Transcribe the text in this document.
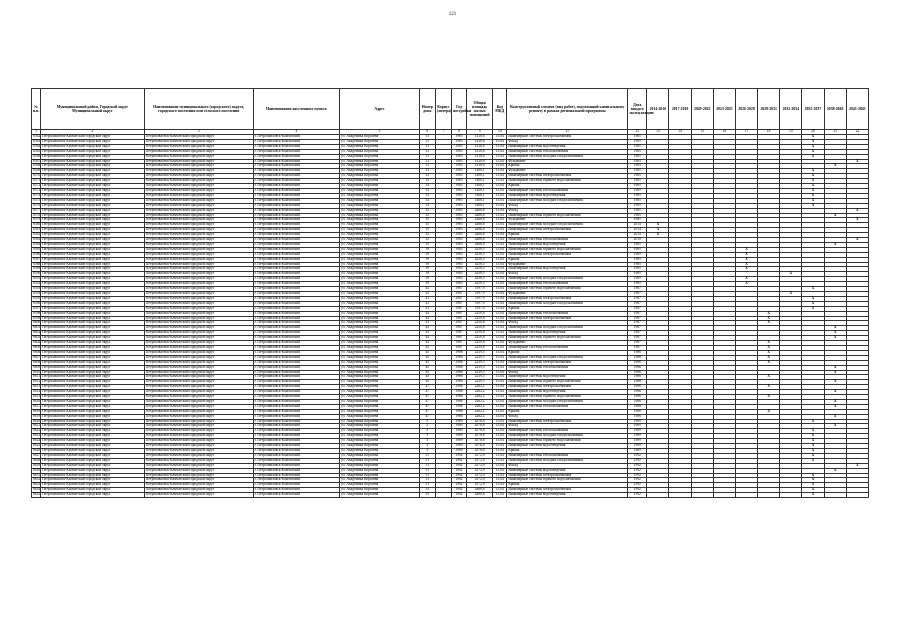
121
№ п.п.	Муниципальный район, Городской округ Муниципальный округ	Наименование муниципального (городского) округа, городского поселения или сельского поселения	Наименование населенного пункта	Адрес	Номер дома	Корпус (литера)	Год постройки	Общая площадь жилых помещений	Код МКД	Конструктивный элемент (вид работ), подлежащий капитальному ремонту в рамках региональной программы	Дата ввода в эксплуатацию	2014-2016	2017-2019	2020-2022	2023-2025	2026-2028	2029-2031	2032-2034	2035-2037	2038-2040	2041-2043
1	2	3	4	5	6	7	8	9	10	11	12	13	14	15	16	17	18	19	20	21	22
8562	Петропавловск-Камчатский городской округ	Петропавловск-Камчатский городской округ	г. Петропавловск-Камчатский	ул. Академика Королева	31		1985	1418,6	15,04	Инженерные системы электроснабжения	1985								X		
8563	Петропавловск-Камчатский городской округ	Петропавловск-Камчатский городской округ	г. Петропавловск-Камчатский	ул. Академика Королева	31		1985	1418,6	15,04	Фасад	1985								X		
8564	Петропавловск-Камчатский городской округ	Петропавловск-Камчатский городской округ	г. Петропавловск-Камчатский	ул. Академика Королева	31		1985	1418,6	15,04	Инженерные системы водоотведения	1985								X		
8565	Петропавловск-Камчатский городской округ	Петропавловск-Камчатский городской округ	г. Петропавловск-Камчатский	ул. Академика Королева	31		1985	1418,6	15,04	Инженерные системы теплоснабжения	1985								X		
8566	Петропавловск-Камчатский городской округ	Петропавловск-Камчатский городской округ	г. Петропавловск-Камчатский	ул. Академика Королева	31		1985	1418,6	15,04	Инженерные системы холодного водоснабжения	1985								X		
8567	Петропавловск-Камчатский городской округ	Петропавловск-Камчатский городской округ	г. Петропавловск-Камчатский	ул. Академика Королева	31		1985	1418,6	15,04	Фундамент	1985										X
8568	Петропавловск-Камчатский городской округ	Петропавловск-Камчатский городской округ	г. Петропавловск-Камчатский	ул. Академика Королева	31		1985	1418,6	15,04	Крыша	1985									X	
8569	Петропавловск-Камчатский городской округ	Петропавловск-Камчатский городской округ	г. Петропавловск-Камчатский	ул. Академика Королева	33		1985	1406,1	15,04	Фундамент	1985								X		
8570	Петропавловск-Камчатский городской округ	Петропавловск-Камчатский городской округ	г. Петропавловск-Камчатский	ул. Академика Королева	33		1985	1406,1	15,04	Инженерные системы электроснабжения	1985								X		
8571	Петропавловск-Камчатский городской округ	Петропавловск-Камчатский городской округ	г. Петропавловск-Камчатский	ул. Академика Королева	33		1985	1406,1	15,04	Инженерные системы горячего водоснабжения	1985								X		
8572	Петропавловск-Камчатский городской округ	Петропавловск-Камчатский городской округ	г. Петропавловск-Камчатский	ул. Академика Королева	33		1985	1406,1	15,04	Крыша	1985								X		
8573	Петропавловск-Камчатский городской округ	Петропавловск-Камчатский городской округ	г. Петропавловск-Камчатский	ул. Академика Королева	33		1985	1406,1	15,04	Инженерные системы теплоснабжения	1985								X		
8574	Петропавловск-Камчатский городской округ	Петропавловск-Камчатский городской округ	г. Петропавловск-Камчатский	ул. Академика Королева	33		1985	1406,1	15,04	Инженерные системы водоотведения	1985								X		
8575	Петропавловск-Камчатский городской округ	Петропавловск-Камчатский городской округ	г. Петропавловск-Камчатский	ул. Академика Королева	33		1985	1406,1	15,04	Инженерные системы холодного водоснабжения	1985								X		
8576	Петропавловск-Камчатский городской округ	Петропавловск-Камчатский городской округ	г. Петропавловск-Камчатский	ул. Академика Королева	33		1985	1406,1	15,04	Фасад	1985								X		
8577	Петропавловск-Камчатский городской округ	Петропавловск-Камчатский городской округ	г. Петропавловск-Камчатский	ул. Академика Королева	35		1985	4266,8	15,04	Фасад	1985										X
8578	Петропавловск-Камчатский городской округ	Петропавловск-Камчатский городской округ	г. Петропавловск-Камчатский	ул. Академика Королева	35		1985	4266,8	15,04	Инженерные системы горячего водоснабжения	1985									X	
8579	Петропавловск-Камчатский городской округ	Петропавловск-Камчатский городской округ	г. Петропавловск-Камчатский	ул. Академика Королева	35		1985	4266,8	15,04	Фундамент	1985										X
8580	Петропавловск-Камчатский городской округ	Петропавловск-Камчатский городской округ	г. Петропавловск-Камчатский	ул. Академика Королева	35		1985	4266,8	15,04	Инженерные системы холодного водоснабжения	2014	X									
8581	Петропавловск-Камчатский городской округ	Петропавловск-Камчатский городской округ	г. Петропавловск-Камчатский	ул. Академика Королева	35		1985	4266,8	15,04	Инженерные системы электроснабжения	2014	X									
8582	Петропавловск-Камчатский городской округ	Петропавловск-Камчатский городской округ	г. Петропавловск-Камчатский	ул. Академика Королева	35		1985	4266,8	15,04	Крыша	2014	X									
8583	Петропавловск-Камчатский городской округ	Петропавловск-Камчатский городской округ	г. Петропавловск-Камчатский	ул. Академика Королева	35		1985	4266,8	15,04	Инженерные системы теплоснабжения	2019										X
8584	Петропавловск-Камчатский городской округ	Петропавловск-Камчатский городской округ	г. Петропавловск-Камчатский	ул. Академика Королева	35		1985	4266,8	15,04	Инженерные системы водоотведения	1985									X	
8585	Петропавловск-Камчатский городской округ	Петропавловск-Камчатский городской округ	г. Петропавловск-Камчатский	ул. Академика Королева	39		1985	4258,5	15,04	Инженерные системы горячего водоснабжения	1985					X					
8586	Петропавловск-Камчатский городской округ	Петропавловск-Камчатский городской округ	г. Петропавловск-Камчатский	ул. Академика Королева	39		1985	4258,5	15,04	Инженерные системы электроснабжения	1985					X					
8587	Петропавловск-Камчатский городской округ	Петропавловск-Камчатский городской округ	г. Петропавловск-Камчатский	ул. Академика Королева	39		1985	4258,5	15,04	Крыша	1985					X					
8588	Петропавловск-Камчатский городской округ	Петропавловск-Камчатский городской округ	г. Петропавловск-Камчатский	ул. Академика Королева	39		1985	4258,5	15,04	Фундамент	1985					X					
8589	Петропавловск-Камчатский городской округ	Петропавловск-Камчатский городской округ	г. Петропавловск-Камчатский	ул. Академика Королева	39		1985	4258,5	15,04	Инженерные системы водоотведения	1985					X					
8590	Петропавловск-Камчатский городской округ	Петропавловск-Камчатский городской округ	г. Петропавловск-Камчатский	ул. Академика Королева	39		1985	4258,5	15,04	Фасад	1985							X			
8591	Петропавловск-Камчатский городской округ	Петропавловск-Камчатский городской округ	г. Петропавловск-Камчатский	ул. Академика Королева	39		1985	4258,5	15,04	Инженерные системы холодного водоснабжения	1985					X					
8592	Петропавловск-Камчатский городской округ	Петропавловск-Камчатский городской округ	г. Петропавловск-Камчатский	ул. Академика Королева	39		1985	4258,5	15,04	Инженерные системы теплоснабжения	1985					X					
8593	Петропавловск-Камчатский городской округ	Петропавловск-Камчатский городской округ	г. Петропавловск-Камчатский	ул. Академика Королева	41		1987	5197,9	15,04	Инженерные системы горячего водоснабжения	1987								X		
8594	Петропавловск-Камчатский городской округ	Петропавловск-Камчатский городской округ	г. Петропавловск-Камчатский	ул. Академика Королева	41		1987	5197,9	15,04	Фундамент	1987							X			
8595	Петропавловск-Камчатский городской округ	Петропавловск-Камчатский городской округ	г. Петропавловск-Камчатский	ул. Академика Королева	41		1987	5197,9	15,04	Инженерные системы электроснабжения	1987								X		
8596	Петропавловск-Камчатский городской округ	Петропавловск-Камчатский городской округ	г. Петропавловск-Камчатский	ул. Академика Королева	41		1987	5197,9	15,04	Инженерные системы холодного водоснабжения	1987								X		
8597	Петропавловск-Камчатский городской округ	Петропавловск-Камчатский городской округ	г. Петропавловск-Камчатский	ул. Академика Королева	41		1987	5197,9	15,04	Крыша	1987								X		
8598	Петропавловск-Камчатский городской округ	Петропавловск-Камчатский городской округ	г. Петропавловск-Камчатский	ул. Академика Королева	43		1987	2250,8	15,04	Инженерные системы теплоснабжения	1987						X				
8599	Петропавловск-Камчатский городской округ	Петропавловск-Камчатский городской округ	г. Петропавловск-Камчатский	ул. Академика Королева	43		1987	2250,8	15,04	Инженерные системы электроснабжения	1987						X				
8600	Петропавловск-Камчатский городской округ	Петропавловск-Камчатский городской округ	г. Петропавловск-Камчатский	ул. Академика Королева	43		1987	2250,8	15,04	Фасад	1987						X				
8601	Петропавловск-Камчатский городской округ	Петропавловск-Камчатский городской округ	г. Петропавловск-Камчатский	ул. Академика Королева	43		1987	2250,8	15,04	Инженерные системы холодного водоснабжения	1987									X	
8602	Петропавловск-Камчатский городской округ	Петропавловск-Камчатский городской округ	г. Петропавловск-Камчатский	ул. Академика Королева	43		1987	2250,8	15,04	Инженерные системы водоотведения	1987									X	
8603	Петропавловск-Камчатский городской округ	Петропавловск-Камчатский городской округ	г. Петропавловск-Камчатский	ул. Академика Королева	43		1987	2250,8	15,04	Инженерные системы горячего водоснабжения	1987									X	
8604	Петропавловск-Камчатский городской округ	Петропавловск-Камчатский городской округ	г. Петропавловск-Камчатский	ул. Академика Королева	43		1987	2250,8	15,04	Фундамент	1987						X				
8605	Петропавловск-Камчатский городской округ	Петропавловск-Камчатский городской округ	г. Петропавловск-Камчатский	ул. Академика Королева	43		1987	2250,8	15,04	Инженерные системы теплоснабжения	1987						X				
8606	Петропавловск-Камчатский городской округ	Петропавловск-Камчатский городской округ	г. Петропавловск-Камчатский	ул. Академика Королева	45		1986	2239,5	15,04	Крыша	1986						X				
8607	Петропавловск-Камчатский городской округ	Петропавловск-Камчатский городской округ	г. Петропавловск-Камчатский	ул. Академика Королева	45		1986	2239,5	15,04	Инженерные системы холодного водоснабжения	1986						X				
8608	Петропавловск-Камчатский городской округ	Петропавловск-Камчатский городской округ	г. Петропавловск-Камчатский	ул. Академика Королева	45		1986	2239,5	15,04	Инженерные системы электроснабжения	1986						X				
8609	Петропавловск-Камчатский городской округ	Петропавловск-Камчатский городской округ	г. Петропавловск-Камчатский	ул. Академика Королева	45		1986	2239,5	15,04	Инженерные системы теплоснабжения	1986									X	
8610	Петропавловск-Камчатский городской округ	Петропавловск-Камчатский городской округ	г. Петропавловск-Камчатский	ул. Академика Королева	45		1986	2239,5	15,04	Фасад	1986									X	
8611	Петропавловск-Камчатский городской округ	Петропавловск-Камчатский городской округ	г. Петропавловск-Камчатский	ул. Академика Королева	45		1986	2239,5	15,04	Инженерные системы водоотведения	1986						X				
8612	Петропавловск-Камчатский городской округ	Петропавловск-Камчатский городской округ	г. Петропавловск-Камчатский	ул. Академика Королева	45		1986	2239,5	15,04	Инженерные системы горячего водоснабжения	1986									X	
8613	Петропавловск-Камчатский городской округ	Петропавловск-Камчатский городской округ	г. Петропавловск-Камчатский	ул. Академика Королева	47		1986	2262,2	15,04	Инженерные системы электроснабжения	1986						X				
8614	Петропавловск-Камчатский городской округ	Петропавловск-Камчатский городской округ	г. Петропавловск-Камчатский	ул. Академика Королева	47		1986	2262,2	15,04	Инженерные системы водоотведения	1986									X	
8615	Петропавловск-Камчатский городской округ	Петропавловск-Камчатский городской округ	г. Петропавловск-Камчатский	ул. Академика Королева	47		1986	2262,2	15,04	Инженерные системы горячего водоснабжения	1986						X				
8616	Петропавловск-Камчатский городской округ	Петропавловск-Камчатский городской округ	г. Петропавловск-Камчатский	ул. Академика Королева	47		1986	2262,2	15,04	Инженерные системы холодного водоснабжения	1986									X	
8617	Петропавловск-Камчатский городской округ	Петропавловск-Камчатский городской округ	г. Петропавловск-Камчатский	ул. Академика Королева	47		1986	2262,2	15,04	Инженерные системы теплоснабжения	1986									X	
8618	Петропавловск-Камчатский городской округ	Петропавловск-Камчатский городской округ	г. Петропавловск-Камчатский	ул. Академика Королева	47		1986	2262,2	15,04	Крыша	1986						X				
8619	Петропавловск-Камчатский городской округ	Петропавловск-Камчатский городской округ	г. Петропавловск-Камчатский	ул. Академика Королева	47		1986	2262,2	15,04	Фасад	1986									X	
8620	Петропавловск-Камчатский городской округ	Петропавловск-Камчатский городской округ	г. Петропавловск-Камчатский	ул. Академика Королева	5		1989	4576,8	15,04	Инженерные системы электроснабжения	1989								X		
8621	Петропавловск-Камчатский городской округ	Петропавловск-Камчатский городской округ	г. Петропавловск-Камчатский	ул. Академика Королева	5		1989	4576,8	15,04	Фасад	1989									X	
8622	Петропавловск-Камчатский городской округ	Петропавловск-Камчатский городской округ	г. Петропавловск-Камчатский	ул. Академика Королева	5		1989	4576,8	15,04	Инженерные системы теплоснабжения	1989								X		
8623	Петропавловск-Камчатский городской округ	Петропавловск-Камчатский городской округ	г. Петропавловск-Камчатский	ул. Академика Королева	5		1989	4576,8	15,04	Инженерные системы холодного водоснабжения	1989								X		
8624	Петропавловск-Камчатский городской округ	Петропавловск-Камчатский городской округ	г. Петропавловск-Камчатский	ул. Академика Королева	5		1989	4576,8	15,04	Инженерные системы горячего водоснабжения	1989								X		
8625	Петропавловск-Камчатский городской округ	Петропавловск-Камчатский городской округ	г. Петропавловск-Камчатский	ул. Академика Королева	5		1989	4576,8	15,04	Инженерные системы водоотведения	1989								X		
8626	Петропавловск-Камчатский городской округ	Петропавловск-Камчатский городской округ	г. Петропавловск-Камчатский	ул. Академика Королева	5		1989	4576,8	15,04	Крыша	1989								X		
8627	Петропавловск-Камчатский городской округ	Петропавловск-Камчатский городской округ	г. Петропавловск-Камчатский	ул. Академика Королева	51		1992	4172,9	15,04	Инженерные системы теплоснабжения	1992								X		
8628	Петропавловск-Камчатский городской округ	Петропавловск-Камчатский городской округ	г. Петропавловск-Камчатский	ул. Академика Королева	51		1992	4172,9	15,04	Инженерные системы холодного водоснабжения	1992								X		
8629	Петропавловск-Камчатский городской округ	Петропавловск-Камчатский городской округ	г. Петропавловск-Камчатский	ул. Академика Королева	51		1992	4172,9	15,04	Фасад	1992										X
8630	Петропавловск-Камчатский городской округ	Петропавловск-Камчатский городской округ	г. Петропавловск-Камчатский	ул. Академика Королева	51		1992	4172,9	15,04	Инженерные системы водоотведения	1992									X	
8631	Петропавловск-Камчатский городской округ	Петропавловск-Камчатский городской округ	г. Петропавловск-Камчатский	ул. Академика Королева	51		1992	4172,9	15,04	Инженерные системы электроснабжения	1992								X		
8632	Петропавловск-Камчатский городской округ	Петропавловск-Камчатский городской округ	г. Петропавловск-Камчатский	ул. Академика Королева	51		1992	4172,9	15,04	Инженерные системы горячего водоснабжения	1992								X		
8633	Петропавловск-Камчатский городской округ	Петропавловск-Камчатский городской округ	г. Петропавловск-Камчатский	ул. Академика Королева	51		1992	4172,9	15,04	Крыша	1992								X		
8634	Петропавловск-Камчатский городской округ	Петропавловск-Камчатский городской округ	г. Петропавловск-Камчатский	ул. Академика Королева	53		1992	4488,6	15,04	Инженерные системы электроснабжения	1992								X		
8635	Петропавловск-Камчатский городской округ	Петропавловск-Камчатский городской округ	г. Петропавловск-Камчатский	ул. Академика Королева	53		1992	4488,6	15,04	Инженерные системы водоотведения	1992								X		
